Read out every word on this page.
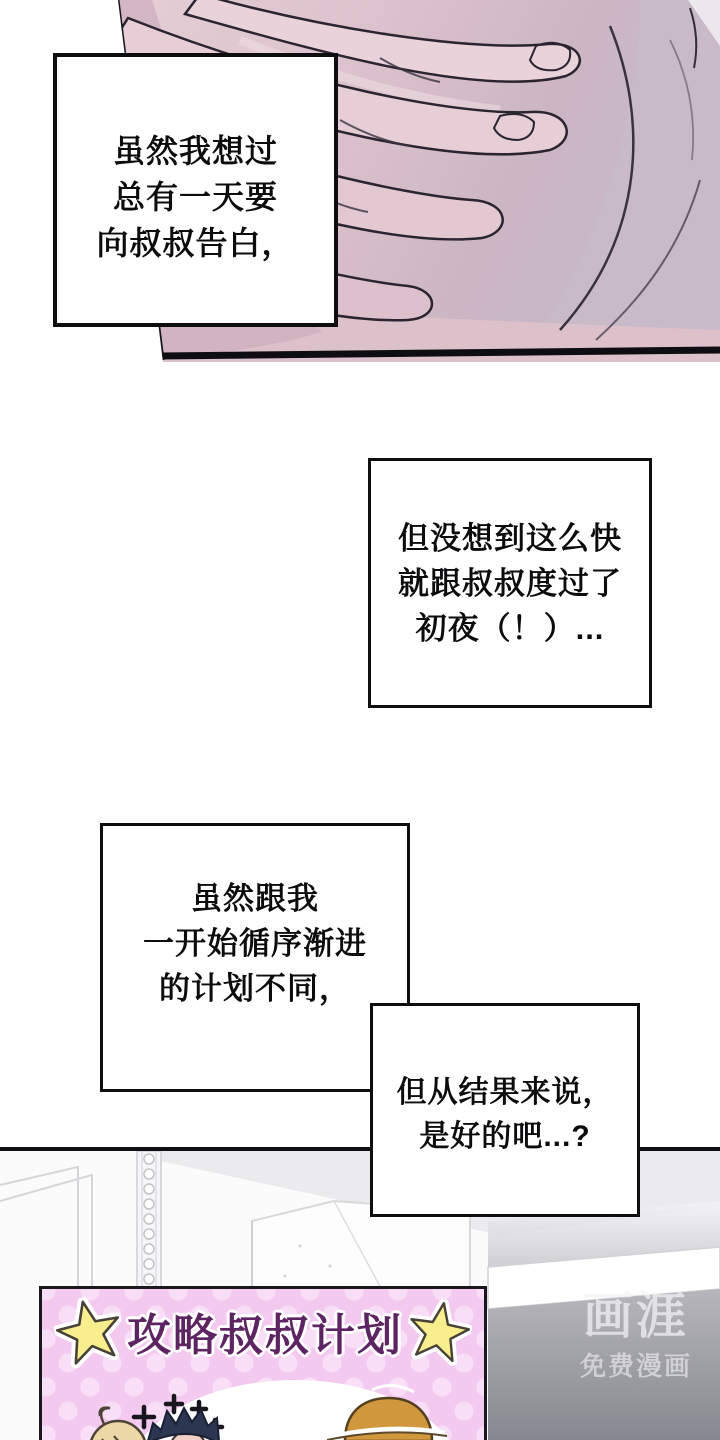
虽然我想过
总有一天要
向叔叔告白，
但没想到这么快
就跟叔叔度过了
初夜（！）...
虽然跟我
一开始循序渐进
的计划不同，
但从结果来说，
是好的吧...?
攻略叔叔计划	画涯
免费漫画
